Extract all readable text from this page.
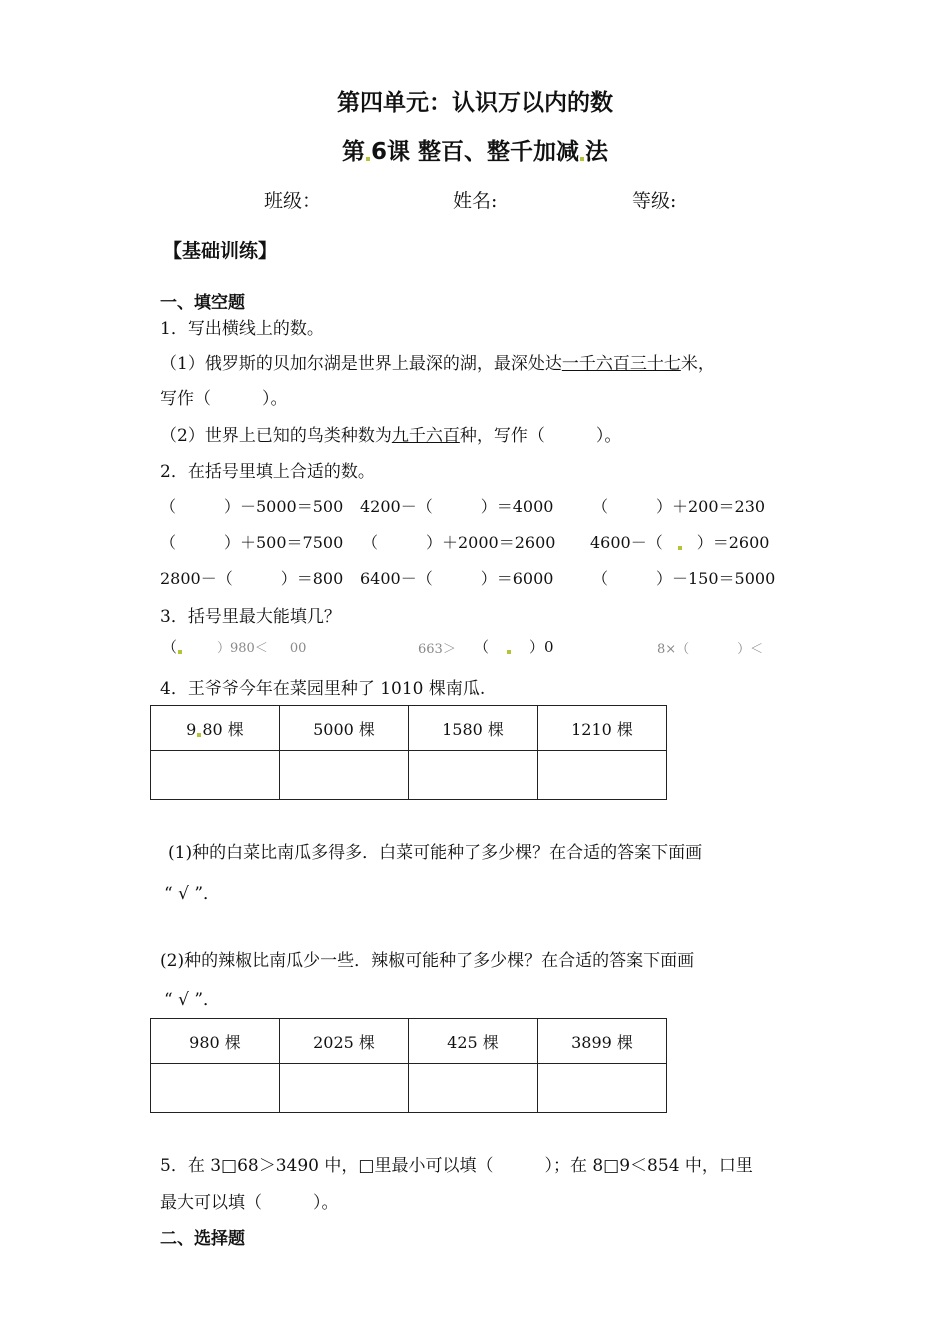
第四单元：认识万以内的数
第 6课 整百、整千加减 法
班级：	姓名:	等级:
【基础训练】
一、填空题
1．写出横线上的数。
（1）俄罗斯的贝加尔湖是世界上最深的湖，最深处达一千六百三十七米，
写作（　　　）。
（2）世界上已知的鸟类种数为九千六百种，写作（　　　）。
2．在括号里填上合适的数。
（　　　）－5000＝500 4200－（　　　）＝4000 （　　　）＋200＝230
（　　　）＋500＝7500 （　　　）＋2000＝2600 4600－（ ）＝2600
2800－（　　　）＝800 6400－（　　　）＝6000 （　　　）－150＝5000
3．括号里最大能填几？
（	）980＜ 00	663＞ （	）0	8×（	）＜
4．王爷爷今年在菜园里种了 1010 棵南瓜.
9 80 棵	5000 棵	1580 棵	1210 棵

(1)种的白菜比南瓜多得多．白菜可能种了多少棵？在合适的答案下面画
“ √ ”．
(2)种的辣椒比南瓜少一些．辣椒可能种了多少棵？在合适的答案下面画
“ √ ”．
980 棵	2025 棵	425 棵	3899 棵

5．在 3□68＞3490 中，□里最小可以填（　　　）；在 8□9＜854 中，口里
最大可以填（　　　）。
二、选择题
